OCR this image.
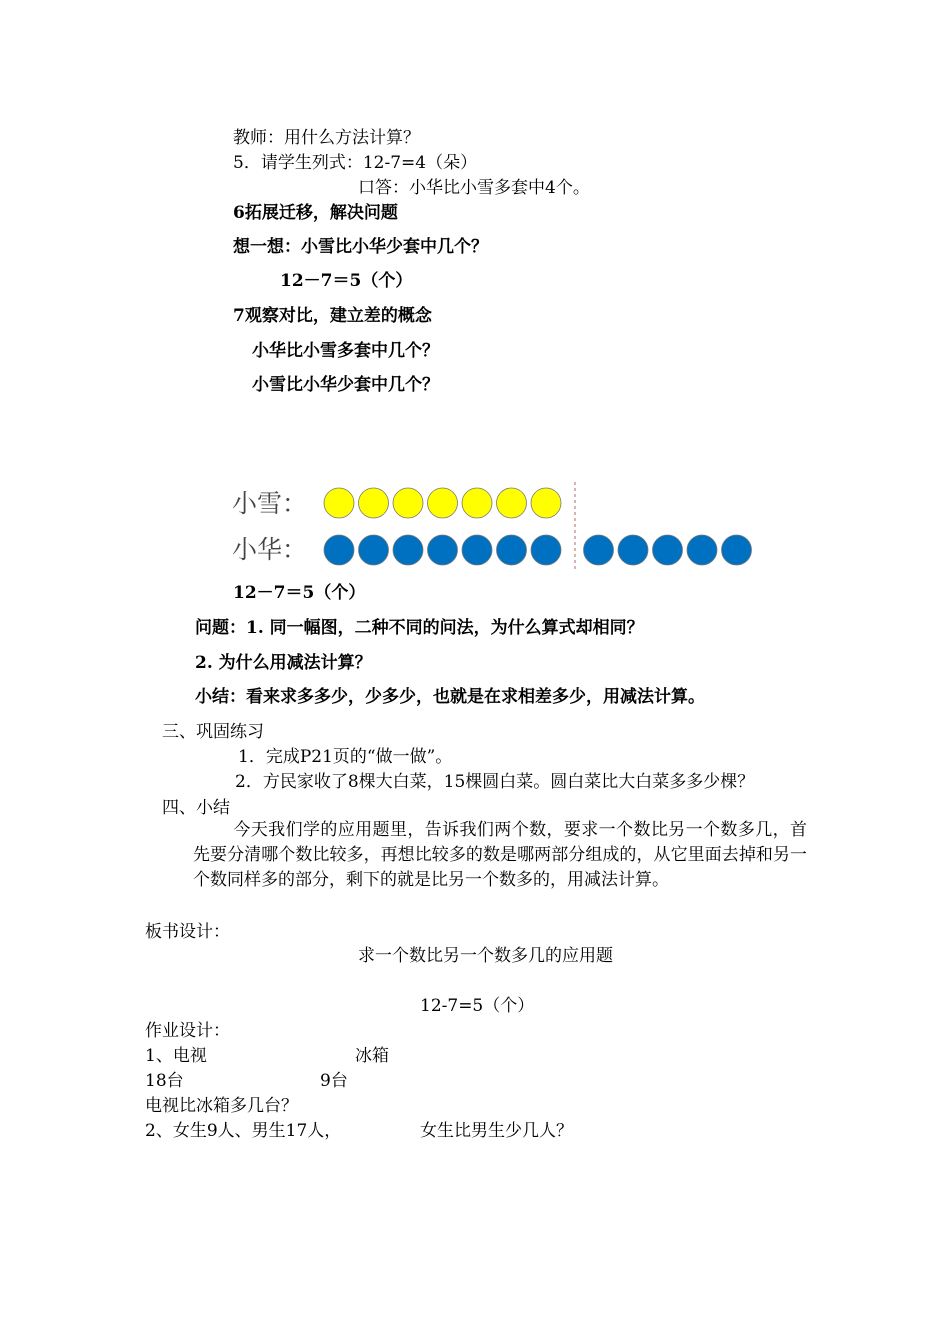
教师：用什么方法计算？
5．请学生列式：12-7=4（朵）
口答：小华比小雪多套中4个。
6拓展迁移，解决问题
想一想：小雪比小华少套中几个？
12－7＝5（个）
7观察对比，建立差的概念
小华比小雪多套中几个？
小雪比小华少套中几个？
小雪：
小华：
12－7＝5（个）
问题：1. 同一幅图，二种不同的问法，为什么算式却相同？
2. 为什么用减法计算？
小结：看来求多多少，少多少，也就是在求相差多少，用减法计算。
三、巩固练习
1．完成P21页的“做一做”。
2．方民家收了8棵大白菜，15棵圆白菜。圆白菜比大白菜多多少棵？
四、小结
今天我们学的应用题里，告诉我们两个数，要求一个数比另一个数多几，首先要分清哪个数比较多，再想比较多的数是哪两部分组成的，从它里面去掉和另一个数同样多的部分，剩下的就是比另一个数多的，用减法计算。
板书设计：
求一个数比另一个数多几的应用题
12-7=5（个）
作业设计：
1、电视	冰箱
18台	9台
电视比冰箱多几台？
2、女生9人、男生17人，	女生比男生少几人？
